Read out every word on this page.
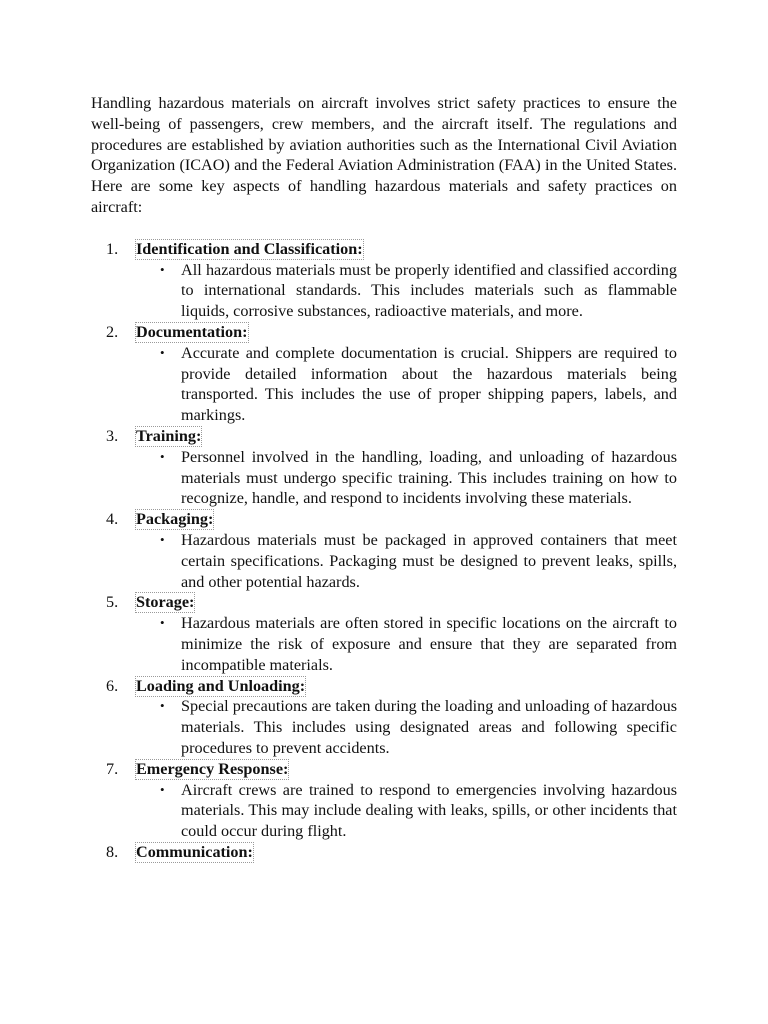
Handling hazardous materials on aircraft involves strict safety practices to ensure the well-being of passengers, crew members, and the aircraft itself. The regulations and procedures are established by aviation authorities such as the International Civil Aviation Organization (ICAO) and the Federal Aviation Administration (FAA) in the United States. Here are some key aspects of handling hazardous materials and safety practices on aircraft:

1.	Identification and Classification:
• All hazardous materials must be properly identified and classified according to international standards. This includes materials such as flammable liquids, corrosive substances, radioactive materials, and more.
2.	Documentation:
• Accurate and complete documentation is crucial. Shippers are required to provide detailed information about the hazardous materials being transported. This includes the use of proper shipping papers, labels, and markings.
3.	Training:
• Personnel involved in the handling, loading, and unloading of hazardous materials must undergo specific training. This includes training on how to recognize, handle, and respond to incidents involving these materials.
4.	Packaging:
• Hazardous materials must be packaged in approved containers that meet certain specifications. Packaging must be designed to prevent leaks, spills, and other potential hazards.
5.	Storage:
• Hazardous materials are often stored in specific locations on the aircraft to minimize the risk of exposure and ensure that they are separated from incompatible materials.
6.	Loading and Unloading:
• Special precautions are taken during the loading and unloading of hazardous materials. This includes using designated areas and following specific procedures to prevent accidents.
7.	Emergency Response:
• Aircraft crews are trained to respond to emergencies involving hazardous materials. This may include dealing with leaks, spills, or other incidents that could occur during flight.
8.	Communication:
